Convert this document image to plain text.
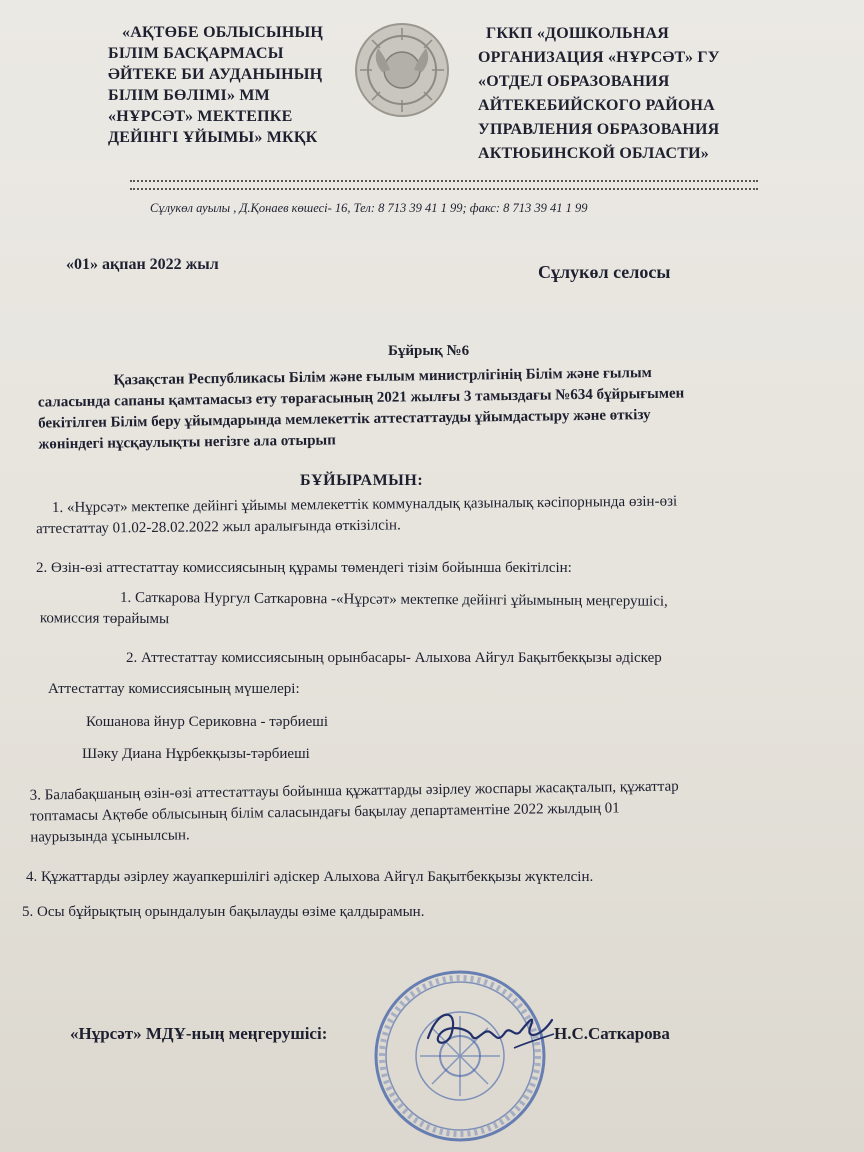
«АҚТӨБЕ ОБЛЫСЫНЫҢ
БІЛІМ БАСҚАРМАСЫ
ӘЙТЕКЕ БИ АУДАНЫНЫҢ
БІЛІМ БӨЛІМІ» ММ
«НҰРСӘТ» МЕКТЕПКЕ
ДЕЙІНГІ ҰЙЫМЫ» МКҚК
ГККП «ДОШКОЛЬНАЯ
ОРГАНИЗАЦИЯ «НҰРСӘТ» ГУ
«ОТДЕЛ ОБРАЗОВАНИЯ
АЙТЕКЕБИЙСКОГО РАЙОНА
УПРАВЛЕНИЯ ОБРАЗОВАНИЯ
АКТЮБИНСКОЙ ОБЛАСТИ»
Сұлукөл ауылы , Д.Қонаев көшесі- 16, Тел: 8 713 39 41 1 99; факс: 8 713 39 41 1 99
«01» ақпан 2022 жыл	Сұлукөл селосы
Бұйрық №6
Қазақстан Республикасы Білім және ғылым министрлігінің Білім және ғылым
саласында сапаны қамтамасыз ету төрағасының 2021 жылғы 3 тамыздағы №634 бұйрығымен
бекітілген Білім беру ұйымдарында мемлекеттік аттестаттауды ұйымдастыру және өткізу
жөніндегі нұсқаулықты негізге ала отырып
БҰЙЫРАМЫН:
1. «Нұрсәт» мектепке дейінгі ұйымы мемлекеттік коммуналдық қазыналық кәсіпорнында өзін-өзі
аттестаттау 01.02-28.02.2022 жыл аралығында өткізілсін.
2. Өзін-өзі аттестаттау комиссиясының құрамы төмендегі тізім бойынша бекітілсін:
1. Саткарова Нургул Саткаровна -«Нұрсәт» мектепке дейінгі ұйымының меңгерушісі,
комиссия төрайымы
2. Аттестаттау комиссиясының орынбасары- Алыхова Айгул Бақытбекқызы әдіскер
Аттестаттау комиссиясының мүшелері:
Кошанова йнур Сериковна - тәрбиеші
Шәку Диана Нұрбекқызы-тәрбиеші
3. Балабақшаның өзін-өзі аттестаттауы бойынша құжаттарды әзірлеу жоспары жасақталып, құжаттар
топтамасы Ақтөбе облысының білім саласындағы бақылау департаментіне 2022 жылдың 01
наурызында ұсынылсын.
4. Құжаттарды әзірлеу жауапкершілігі әдіскер Алыхова Айгүл Бақытбекқызы жүктелсін.
5. Осы бұйрықтың орындалуын бақылауды өзіме қалдырамын.
«Нұрсәт» МДҰ-ның меңгерушісі:	Н.С.Саткарова
